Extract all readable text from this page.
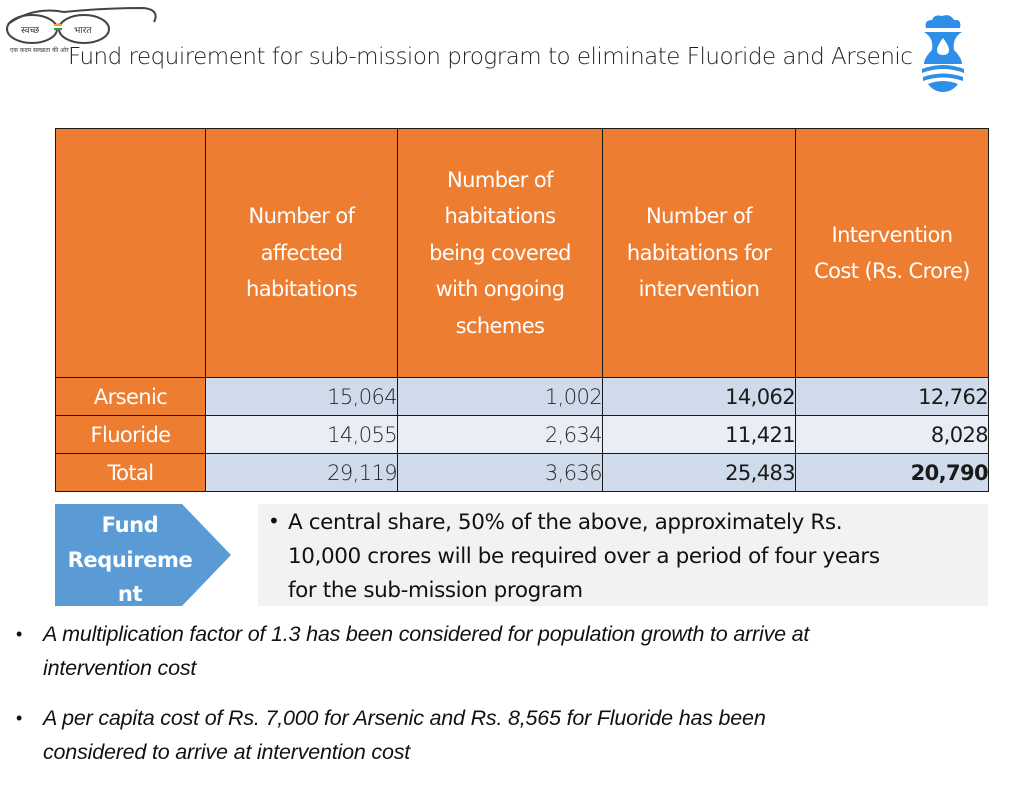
स्वच्छ	भारत
एक कदम स्वच्छता की ओर Fund requirement for sub-mission program to eliminate Fluoride and Arsenic
	Number of
affected
habitations	Number of
habitations
being covered
with ongoing
schemes	Number of
habitations for
intervention	Intervention
Cost (Rs. Crore)
Arsenic	15,064	1,002	14,062	12,762
Fluoride	14,055	2,634	11,421	8,028
Total	29,119	3,636	25,483	20,790
Fund
Requireme
nt
• A central share, 50% of the above, approximately Rs.
10,000 crores will be required over a period of four years
for the sub-mission program
• A multiplication factor of 1.3 has been considered for population growth to arrive at
intervention cost
• A per capita cost of Rs. 7,000 for Arsenic and Rs. 8,565 for Fluoride has been
considered to arrive at intervention cost
